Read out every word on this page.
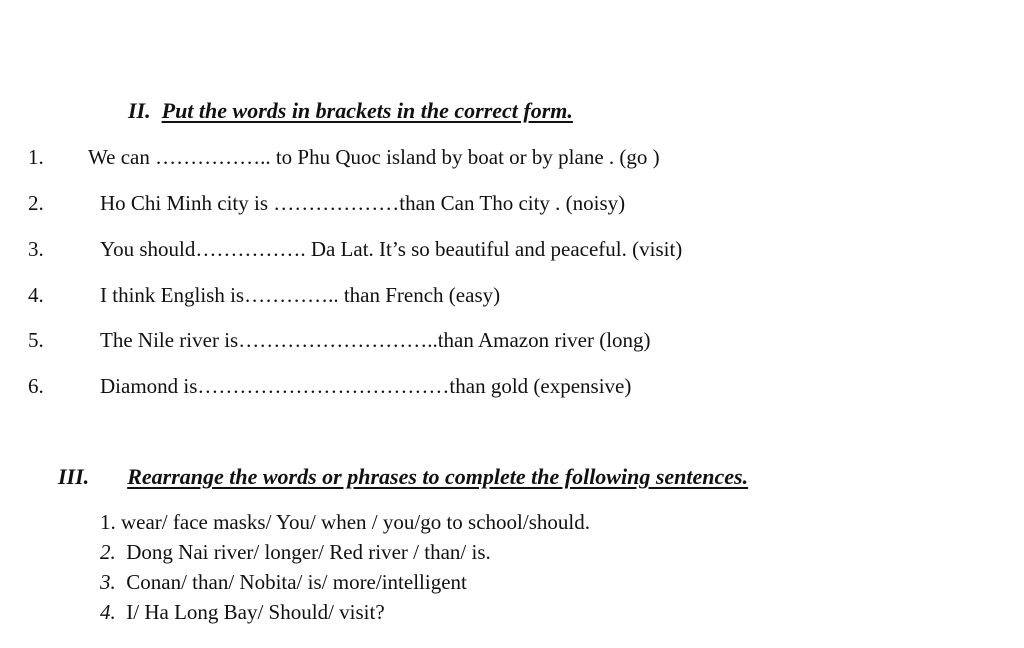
II. Put the words in brackets in the correct form.
1. We can …………….. to Phu Quoc island by boat or by plane . (go )
2.	Ho Chi Minh city is ………………than Can Tho city . (noisy)
3.	You should……………. Da Lat. It’s so beautiful and peaceful. (visit)
4.	I think English is………….. than French (easy)
5.	The Nile river is………………………..than Amazon river (long)
6.	Diamond is………………………………than gold (expensive)
III. Rearrange the words or phrases to complete the following sentences.
1. wear/ face masks/ You/ when / you/go to school/should.
2. Dong Nai river/ longer/ Red river / than/ is.
3. Conan/ than/ Nobita/ is/ more/intelligent
4. I/ Ha Long Bay/ Should/ visit?
